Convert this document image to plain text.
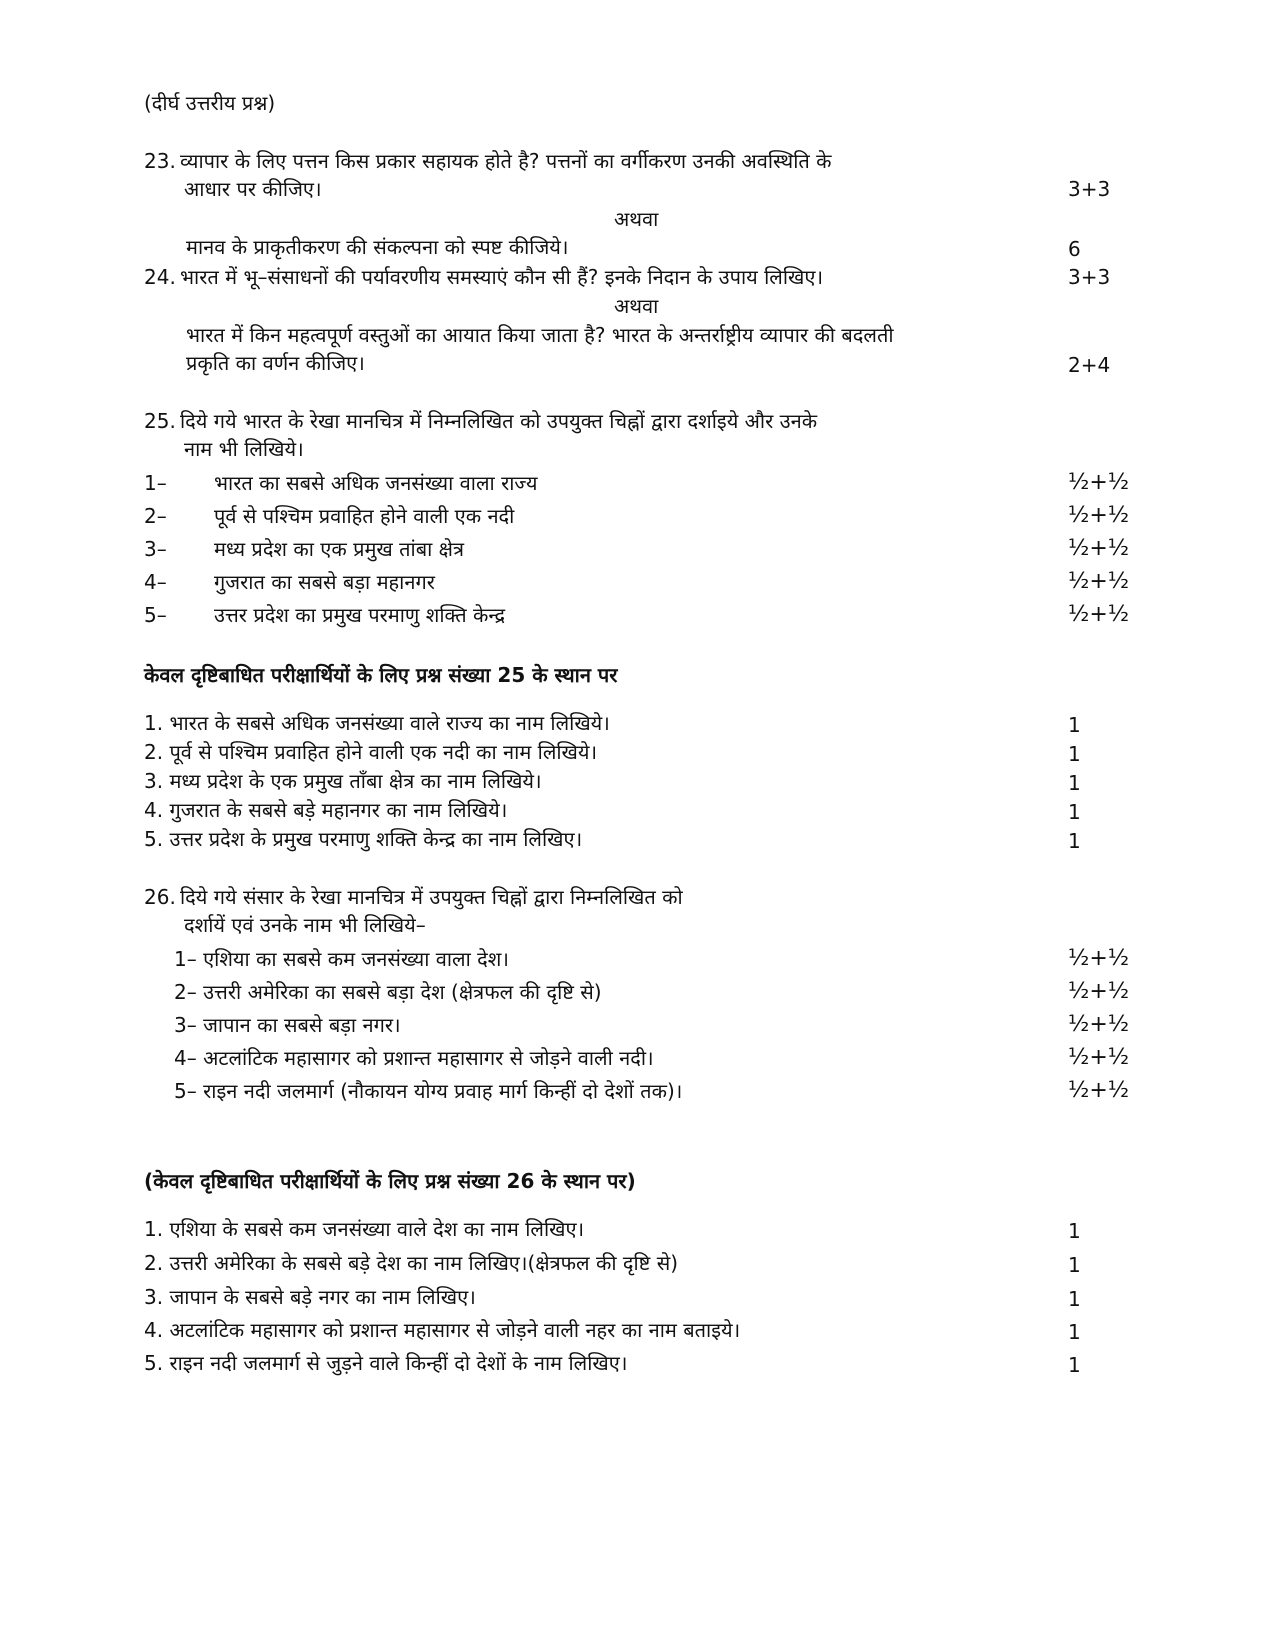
(दीर्घ उत्तरीय प्रश्न)
23. व्यापार के लिए पत्तन किस प्रकार सहायक होते है? पत्तनों का वर्गीकरण उनकी अवस्थिति के
आधार पर कीजिए।	3+3
अथवा
मानव के प्राकृतीकरण की संकल्पना को स्पष्ट कीजिये।	6
24. भारत में भू–संसाधनों की पर्यावरणीय समस्याएं कौन सी हैं? इनके निदान के उपाय लिखिए।	3+3
अथवा
भारत में किन महत्वपूर्ण वस्तुओं का आयात किया जाता है? भारत के अन्तर्राष्ट्रीय व्यापार की बदलती
प्रकृति का वर्णन कीजिए।	2+4
25. दिये गये भारत के रेखा मानचित्र में निम्नलिखित को उपयुक्त चिह्नों द्वारा दर्शाइये और उनके
नाम भी लिखिये।
1– भारत का सबसे अधिक जनसंख्या वाला राज्य	½+½
2– पूर्व से पश्चिम प्रवाहित होने वाली एक नदी	½+½
3– मध्य प्रदेश का एक प्रमुख तांबा क्षेत्र	½+½
4– गुजरात का सबसे बड़ा महानगर	½+½
5– उत्तर प्रदेश का प्रमुख परमाणु शक्ति केन्द्र	½+½
केवल दृष्टिबाधित परीक्षार्थियों के लिए प्रश्न संख्या 25 के स्थान पर
1. भारत के सबसे अधिक जनसंख्या वाले राज्य का नाम लिखिये।	1
2. पूर्व से पश्चिम प्रवाहित होने वाली एक नदी का नाम लिखिये।	1
3. मध्य प्रदेश के एक प्रमुख ताँबा क्षेत्र का नाम लिखिये।	1
4. गुजरात के सबसे बड़े महानगर का नाम लिखिये।	1
5. उत्तर प्रदेश के प्रमुख परमाणु शक्ति केन्द्र का नाम लिखिए।	1
26. दिये गये संसार के रेखा मानचित्र में उपयुक्त चिह्नों द्वारा निम्नलिखित को
दर्शायें एवं उनके नाम भी लिखिये–
1– एशिया का सबसे कम जनसंख्या वाला देश।	½+½
2– उत्तरी अमेरिका का सबसे बड़ा देश (क्षेत्रफल की दृष्टि से)	½+½
3– जापान का सबसे बड़ा नगर।	½+½
4– अटलांटिक महासागर को प्रशान्त महासागर से जोड़ने वाली नदी।	½+½
5– राइन नदी जलमार्ग (नौकायन योग्य प्रवाह मार्ग किन्हीं दो देशों तक)।	½+½
(केवल दृष्टिबाधित परीक्षार्थियों के लिए प्रश्न संख्या 26 के स्थान पर)
1. एशिया के सबसे कम जनसंख्या वाले देश का नाम लिखिए।	1
2. उत्तरी अमेरिका के सबसे बड़े देश का नाम लिखिए।(क्षेत्रफल की दृष्टि से)	1
3. जापान के सबसे बड़े नगर का नाम लिखिए।	1
4. अटलांटिक महासागर को प्रशान्त महासागर से जोड़ने वाली नहर का नाम बताइये।	1
5. राइन नदी जलमार्ग से जुड़ने वाले किन्हीं दो देशों के नाम लिखिए।	1
